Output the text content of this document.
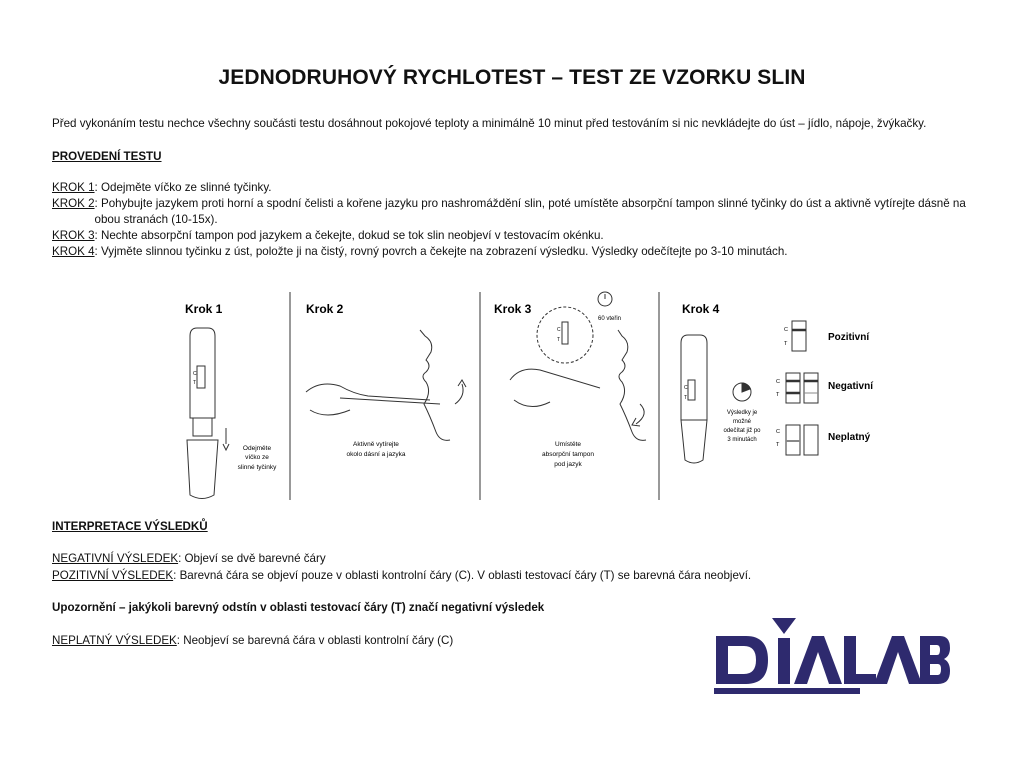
JEDNODRUHOVÝ RYCHLOTEST – TEST ZE VZORKU SLIN
Před vykonáním testu nechce všechny součásti testu dosáhnout pokojové teploty a minimálně 10 minut před testováním si nic nevkládejte do úst – jídlo, nápoje, žvýkačky.
PROVEDENÍ TESTU
KROK 1 : Odejměte víčko ze slinné tyčinky.
KROK 2 : Pohybujte jazykem proti horní a spodní čelisti a kořene jazyku pro nashromáždění slin, poté umístěte absorpční tampon slinné tyčinky do úst a aktivně vytírejte dásně na obou stranách (10-15x).
KROK 3 : Nechte absorpční tampon pod jazykem a čekejte, dokud se tok slin neobjeví v testovacím okénku.
KROK 4 : Vyjměte slinnou tyčinku z úst, položte ji na čistý, rovný povrch a čekejte na zobrazení výsledku. Výsledky odečítejte po 3-10 minutách.
Krok 1
C
T
Odejměte
víčko ze
slinné tyčinky
Krok 2
Aktivně vytírejte
okolo dásní a jazyka
Krok 3
60 vteřin
C
T
Umístěte
absorpční tampon
pod jazyk
Krok 4
C
T
Výsledky je
možné
odečítat již po
3 minutách
C
T
C
T
C
T
Pozitivní
Negativní
Neplatný
INTERPRETACE VÝSLEDKŮ
NEGATIVNÍ VÝSLEDEK: Objeví se dvě barevné čáry
POZITIVNÍ VÝSLEDEK: Barevná čára se objeví pouze v oblasti kontrolní čáry (C). V oblasti testovací čáry (T) se barevná čára neobjeví.
Upozornění – jakýkoli barevný odstín v oblasti testovací čáry (T) značí negativní výsledek
NEPLATNÝ VÝSLEDEK: Neobjeví se barevná čára v oblasti kontrolní čáry (C)
